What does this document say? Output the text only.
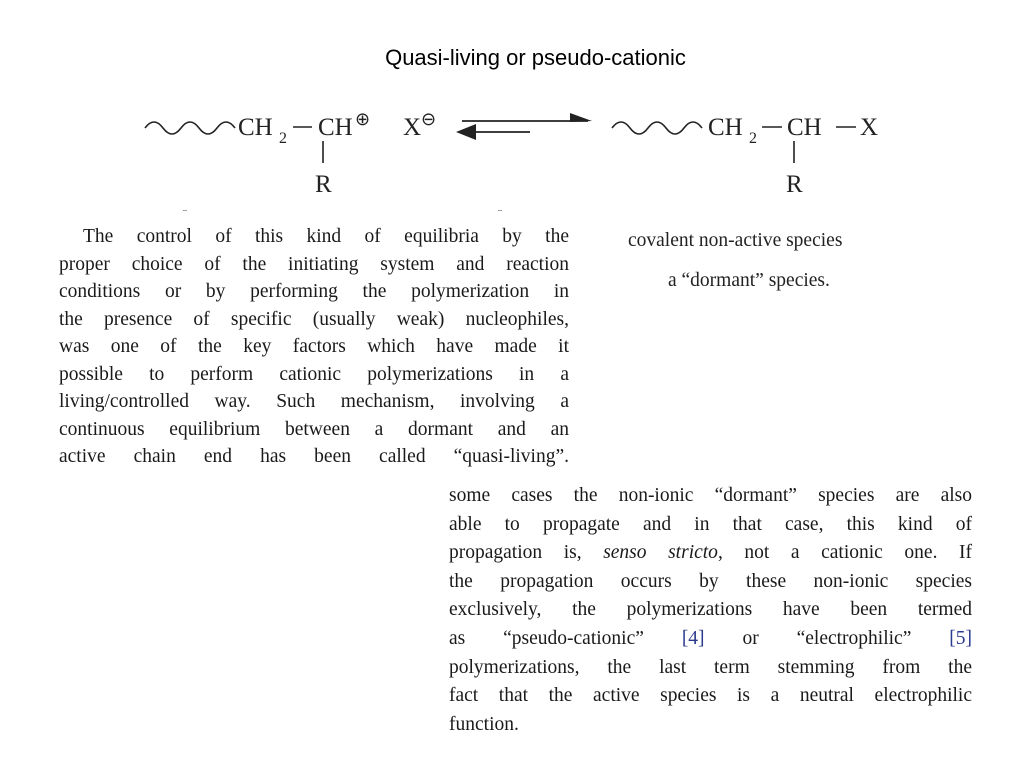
Quasi-living or pseudo-cationic
CH 2 CH ⊕
R
X ⊖	CH 2 CH X
R
¨	¨
covalent non-active species
a “dormant” species.
The control of this kind of equilibria by the
proper choice of the initiating system and reaction
conditions or by performing the polymerization in
the presence of specific (usually weak) nucleophiles,
was one of the key factors which have made it
possible to perform cationic polymerizations in a
living/controlled way. Such mechanism, involving a
continuous equilibrium between a dormant and an
active chain end has been called “quasi-living”.
some cases the non-ionic “dormant” species are also
able to propagate and in that case, this kind of
propagation is, senso stricto, not a cationic one. If
the propagation occurs by these non-ionic species
exclusively, the polymerizations have been termed
as “pseudo-cationic” [4] or “electrophilic” [5]
polymerizations, the last term stemming from the
fact that the active species is a neutral electrophilic
function.
